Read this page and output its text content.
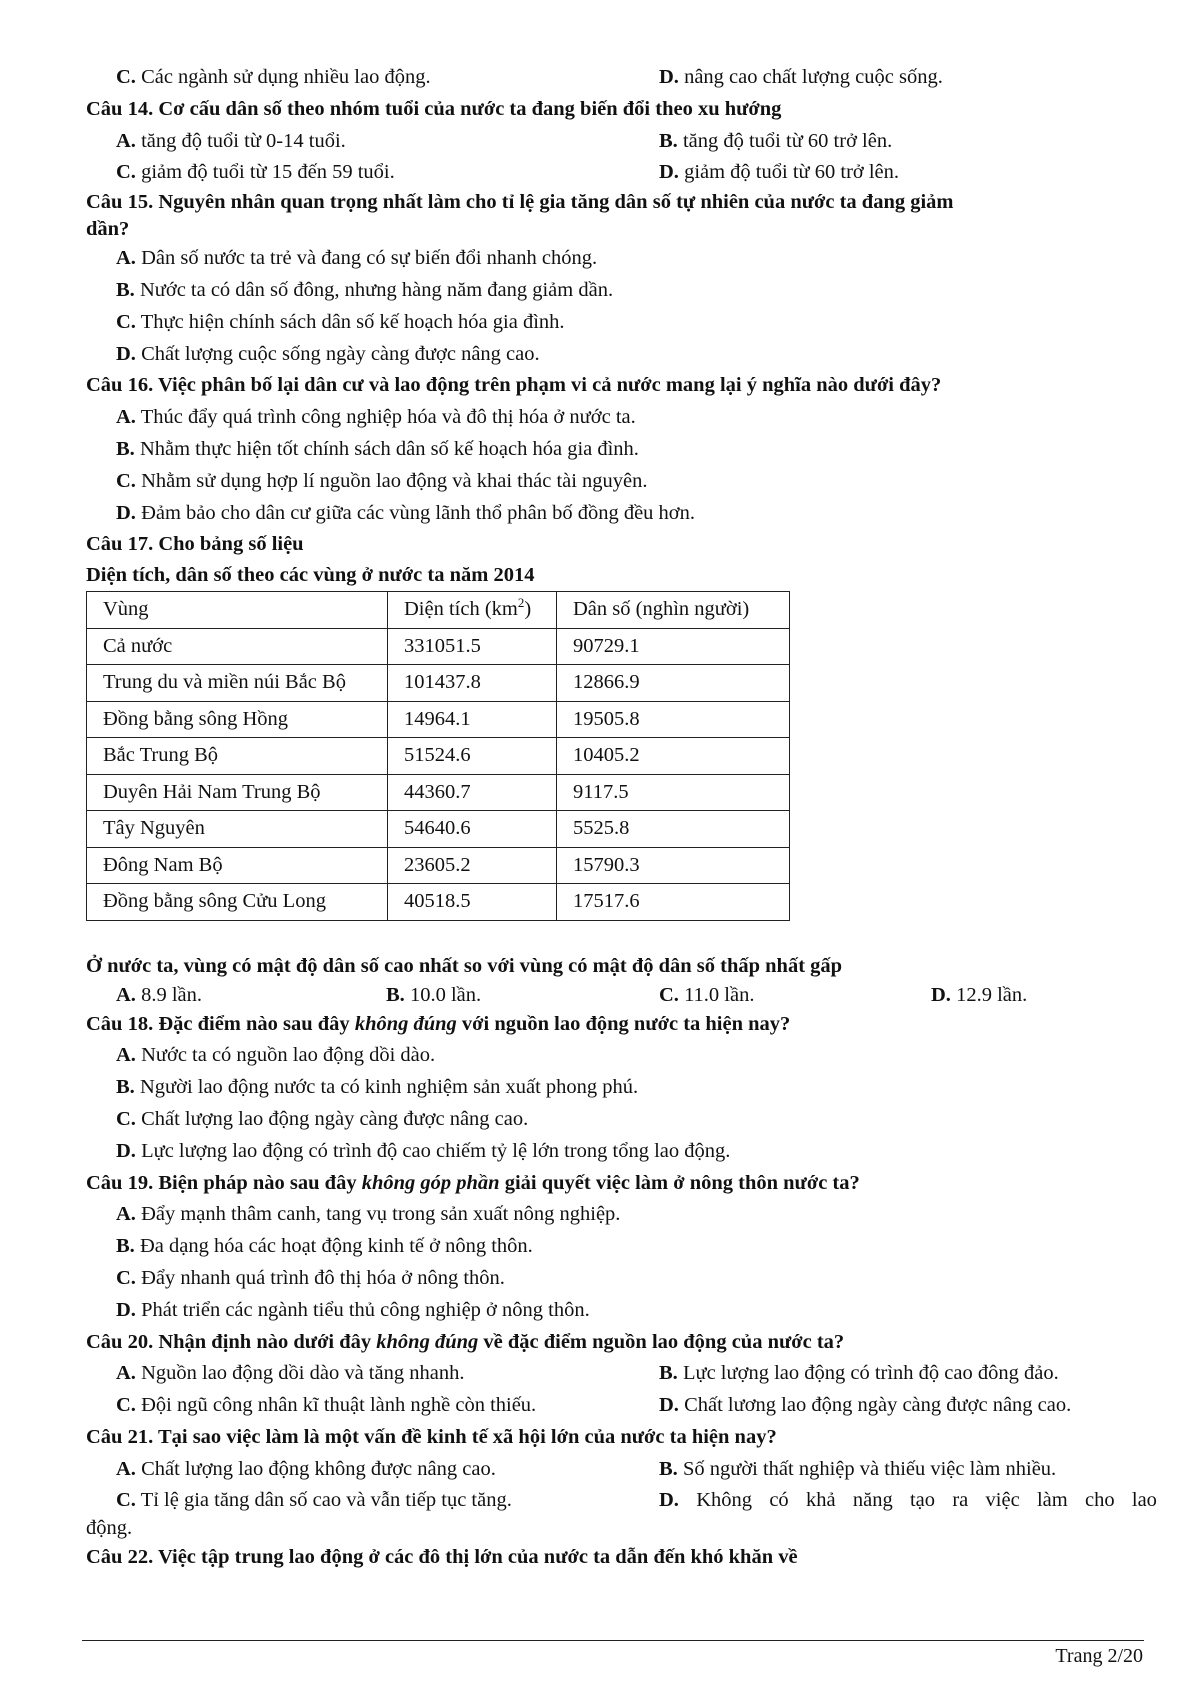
C. Các ngành sử dụng nhiều lao động.	D. nâng cao chất lượng cuộc sống.
Câu 14. Cơ cấu dân số theo nhóm tuổi của nước ta đang biến đổi theo xu hướng
A. tăng độ tuổi từ 0-14 tuổi.	B. tăng độ tuổi từ 60 trở lên.
C. giảm độ tuổi từ 15 đến 59 tuổi.	D. giảm độ tuổi từ 60 trở lên.
Câu 15. Nguyên nhân quan trọng nhất làm cho tỉ lệ gia tăng dân số tự nhiên của nước ta đang giảm
dần?
A. Dân số nước ta trẻ và đang có sự biến đổi nhanh chóng.
B. Nước ta có dân số đông, nhưng hàng năm đang giảm dần.
C. Thực hiện chính sách dân số kế hoạch hóa gia đình.
D. Chất lượng cuộc sống ngày càng được nâng cao.
Câu 16. Việc phân bố lại dân cư và lao động trên phạm vi cả nước mang lại ý nghĩa nào dưới đây?
A. Thúc đẩy quá trình công nghiệp hóa và đô thị hóa ở nước ta.
B. Nhằm thực hiện tốt chính sách dân số kế hoạch hóa gia đình.
C. Nhằm sử dụng hợp lí nguồn lao động và khai thác tài nguyên.
D. Đảm bảo cho dân cư giữa các vùng lãnh thổ phân bố đồng đều hơn.
Câu 17. Cho bảng số liệu
Diện tích, dân số theo các vùng ở nước ta năm 2014
Vùng	Diện tích $(km^2)$	Dân số (nghìn người)
Cả nước	331051.5	90729.1
Trung du và miền núi Bắc Bộ	101437.8	12866.9
Đồng bằng sông Hồng	14964.1	19505.8
Bắc Trung Bộ	51524.6	10405.2
Duyên Hải Nam Trung Bộ	44360.7	9117.5
Tây Nguyên	54640.6	5525.8
Đông Nam Bộ	23605.2	15790.3
Đồng bằng sông Cửu Long	40518.5	17517.6
Ở nước ta, vùng có mật độ dân số cao nhất so với vùng có mật độ dân số thấp nhất gấp
A. 8.9 lần.	B. 10.0 lần.	C. 11.0 lần.	D. 12.9 lần.
Câu 18. Đặc điểm nào sau đây không đúng với nguồn lao động nước ta hiện nay?
A. Nước ta có nguồn lao động dồi dào.
B. Người lao động nước ta có kinh nghiệm sản xuất phong phú.
C. Chất lượng lao động ngày càng được nâng cao.
D. Lực lượng lao động có trình độ cao chiếm tỷ lệ lớn trong tổng lao động.
Câu 19. Biện pháp nào sau đây không góp phần giải quyết việc làm ở nông thôn nước ta?
A. Đẩy mạnh thâm canh, tang vụ trong sản xuất nông nghiệp.
B. Đa dạng hóa các hoạt động kinh tế ở nông thôn.
C. Đẩy nhanh quá trình đô thị hóa ở nông thôn.
D. Phát triển các ngành tiểu thủ công nghiệp ở nông thôn.
Câu 20. Nhận định nào dưới đây không đúng về đặc điểm nguồn lao động của nước ta?
A. Nguồn lao động dồi dào và tăng nhanh.	B. Lực lượng lao động có trình độ cao đông đảo.
C. Đội ngũ công nhân kĩ thuật lành nghề còn thiếu.	D. Chất lương lao động ngày càng được nâng cao.
Câu 21. Tại sao việc làm là một vấn đề kinh tế xã hội lớn của nước ta hiện nay?
A. Chất lượng lao động không được nâng cao.	B. Số người thất nghiệp và thiếu việc làm nhiều.
C. Tỉ lệ gia tăng dân số cao và vẫn tiếp tục tăng.	D. Không có khả năng tạo ra việc làm cho lao
động.
Câu 22. Việc tập trung lao động ở các đô thị lớn của nước ta dẫn đến khó khăn về
Trang 2/20
